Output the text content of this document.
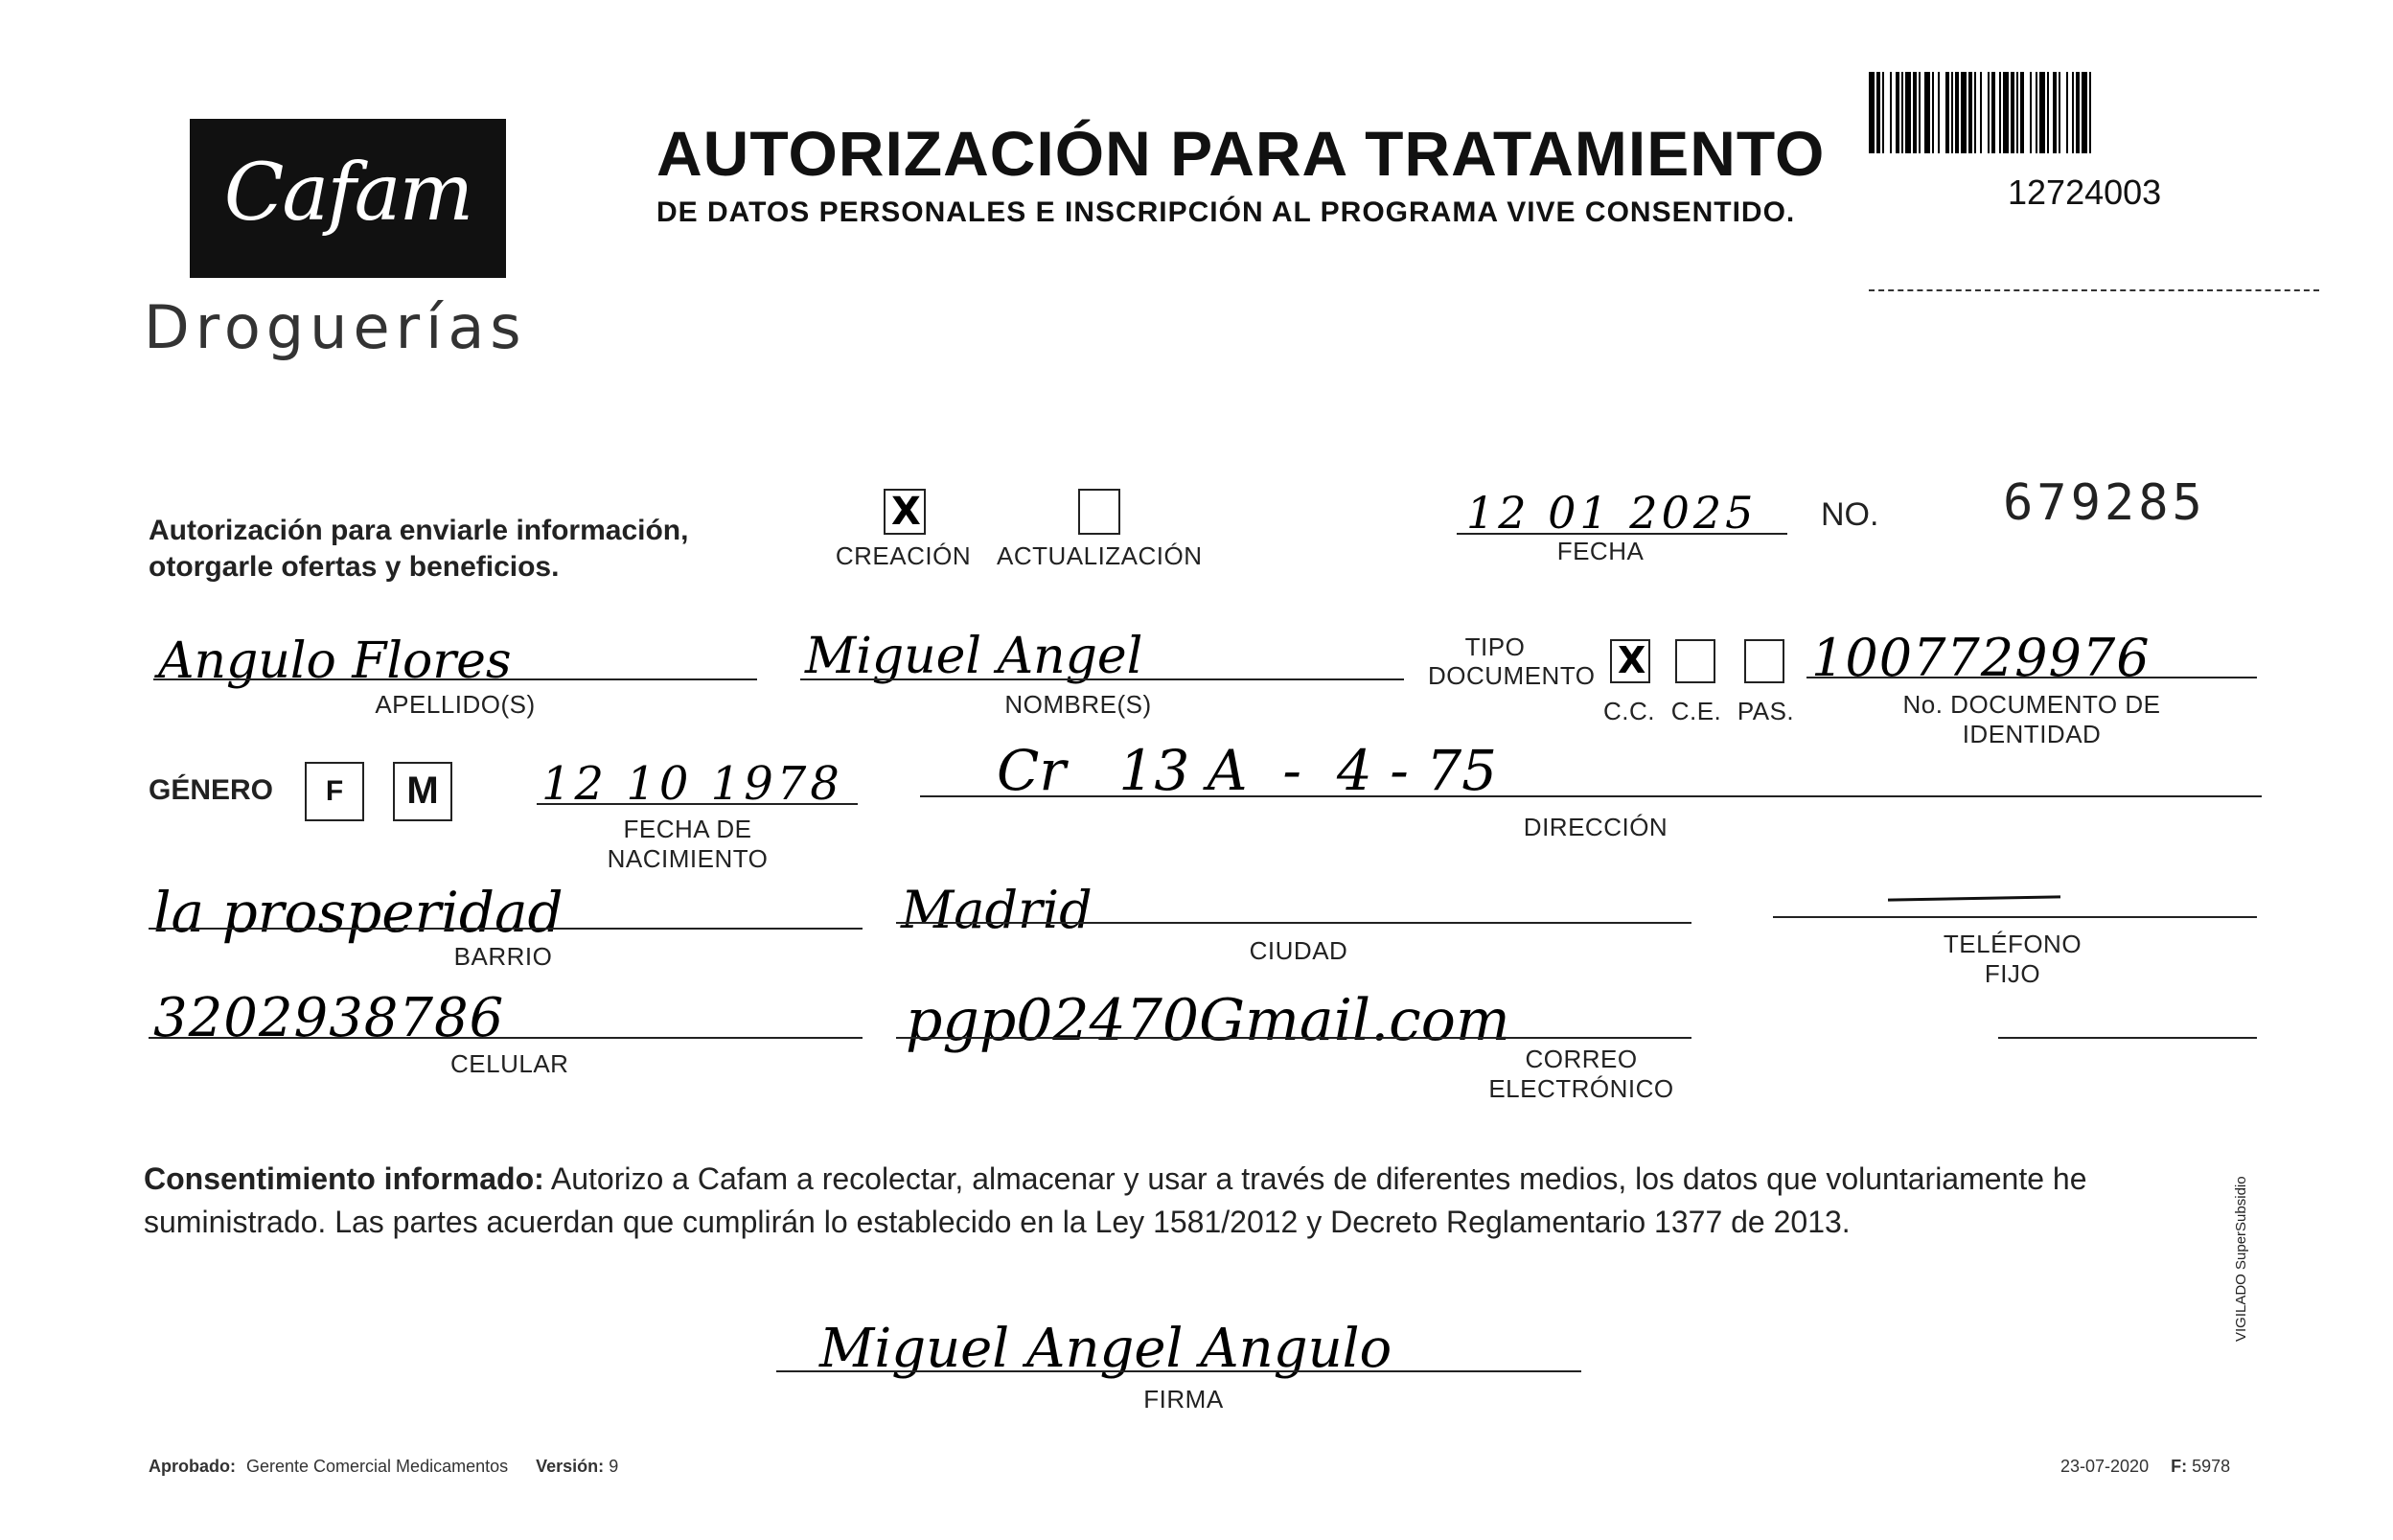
Cafam
Droguerías
AUTORIZACIÓN PARA TRATAMIENTO
DE DATOS PERSONALES E INSCRIPCIÓN AL PROGRAMA VIVE CONSENTIDO.
12724003
Autorización para enviarle información,
otorgarle ofertas y beneficios.
X
CREACIÓN ACTUALIZACIÓN
12 01 2025
FECHA
NO. 679285
Angulo Flores
APELLIDO(S)
Miguel Angel
NOMBRE(S)
TIPO
DOCUMENTO X
C.C. C.E. PAS.
1007729976
No. DOCUMENTO DE IDENTIDAD
GÉNERO	F	M 12 10 1978
FECHA DE NACIMIENTO
Cr   13 A  -  4 - 75
DIRECCIÓN
la prosperidad
BARRIO
Madrid
CIUDAD	TELÉFONO FIJO
3202938786
CELULAR
pgp02470Gmail.com
CORREO ELECTRÓNICO
Consentimiento informado: Autorizo a Cafam a recolectar, almacenar y usar a través de diferentes medios, los datos que voluntariamente he
suministrado. Las partes acuerdan que cumplirán lo establecido en la Ley 1581/2012 y Decreto Reglamentario 1377 de 2013.
Miguel Angel Angulo
FIRMA
Aprobado: Gerente Comercial Medicamentos Versión: 9	23-07-2020 F: 5978
VIGILADO SuperSubsidio
